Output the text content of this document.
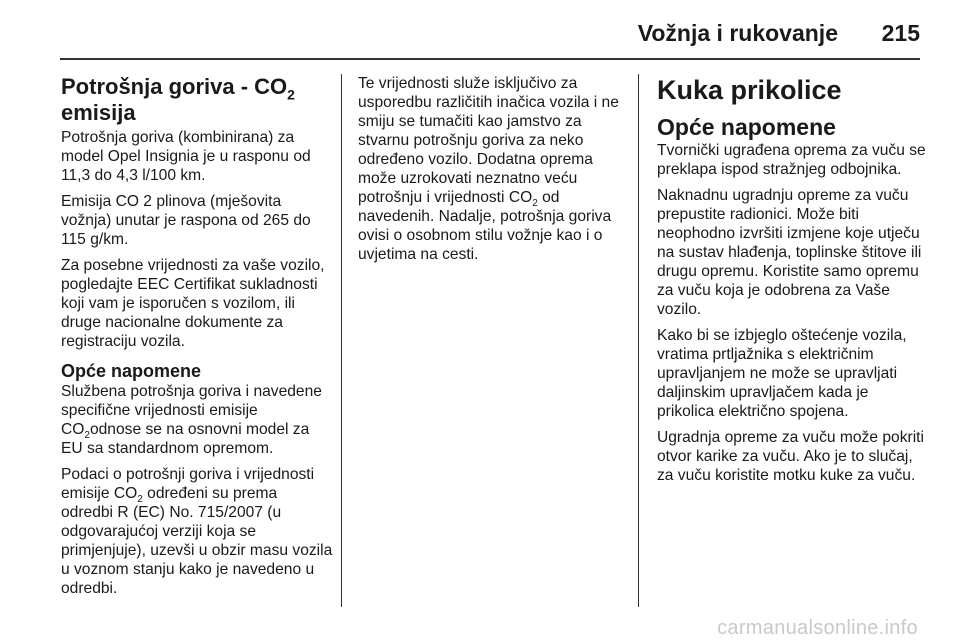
Vožnja i rukovanje 215
Potrošnja goriva - $CO_2$
emisija

Potrošnja goriva (kombinirana) za model Opel Insignia je u rasponu od 11,3 do 4,3 l/100 km.

Emisija CO 2 plinova (mješovita vožnja) unutar je raspona od 265 do 115 g/km.

Za posebne vrijednosti za vaše vozilo, pogledajte EEC Certifikat sukladnosti koji vam je isporučen s vozilom, ili druge nacionalne dokumente za registraciju vozila.

Opće napomene

Službena potrošnja goriva i navedene specifične vrijednosti emisije $CO_2odnose$ se na osnovni model za EU sa standardnom opremom.

Podaci o potrošnji goriva i vrijednosti emisije $CO_2$ određeni su prema odredbi R (EC) No. 715/2007 (u odgovarajućoj verziji koja se primjenjuje), uzevši u obzir masu vozila u voznom stanju kako je navedeno u odredbi.

Te vrijednosti služe isključivo za usporedbu različitih inačica vozila i ne smiju se tumačiti kao jamstvo za stvarnu potrošnju goriva za neko određeno vozilo. Dodatna oprema može uzrokovati neznatno veću potrošnju i vrijednosti $CO_2$ od navedenih. Nadalje, potrošnja goriva ovisi o osobnom stilu vožnje kao i o uvjetima na cesti.

Kuka prikolice
Opće napomene

Tvornički ugrađena oprema za vuču se preklapa ispod stražnjeg odbojnika.

Naknadnu ugradnju opreme za vuču prepustite radionici. Može biti neophodno izvršiti izmjene koje utječu na sustav hlađenja, toplinske štitove ili drugu opremu. Koristite samo opremu za vuču koja je odobrena za Vaše vozilo.

Kako bi se izbjeglo oštećenje vozila, vratima prtljažnika s električnim upravljanjem ne može se upravljati daljinskim upravljačem kada je prikolica električno spojena.

Ugradnja opreme za vuču može pokriti otvor karike za vuču. Ako je to slučaj, za vuču koristite motku kuke za vuču.

carmanualsonline.info
